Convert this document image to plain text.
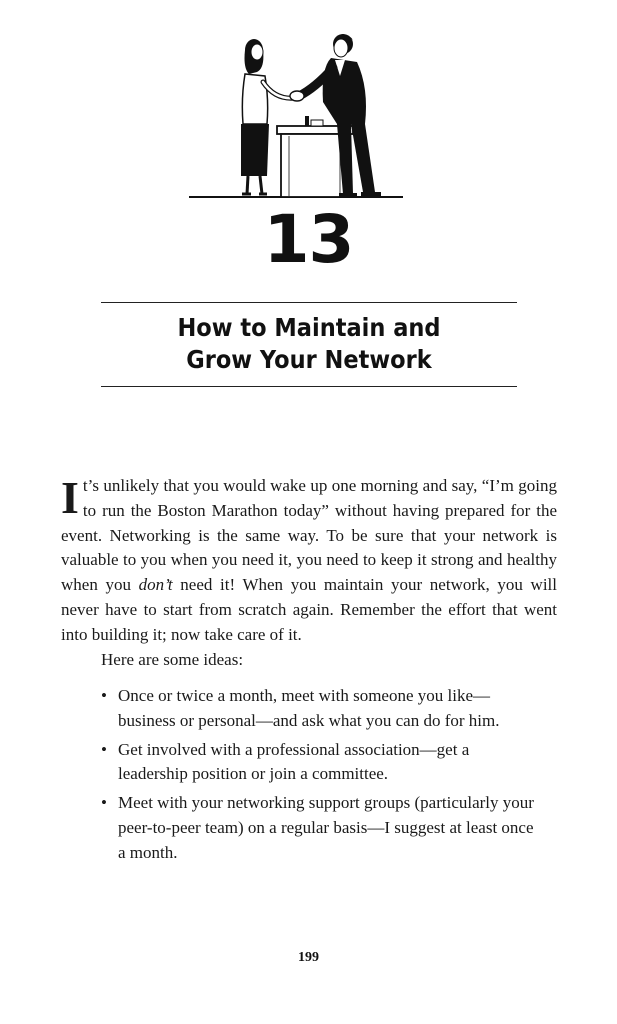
13
How to Maintain and
Grow Your Network

It’s unlikely that you would wake up one morning and say, “I’m going to run the Boston Marathon today” without having prepared for the event. Networking is the same way. To be sure that your network is valuable to you when you need it, you need to keep it strong and healthy when you don’t need it! When you maintain your network, you will never have to start from scratch again. Remember the effort that went into building it; now take care of it.

Here are some ideas:

• Once or twice a month, meet with someone you like—business or personal—and ask what you can do for him.
• Get involved with a professional association—get a leadership position or join a committee.
• Meet with your networking support groups (particularly your peer-to-peer team) on a regular basis—I suggest at least once a month.
199
